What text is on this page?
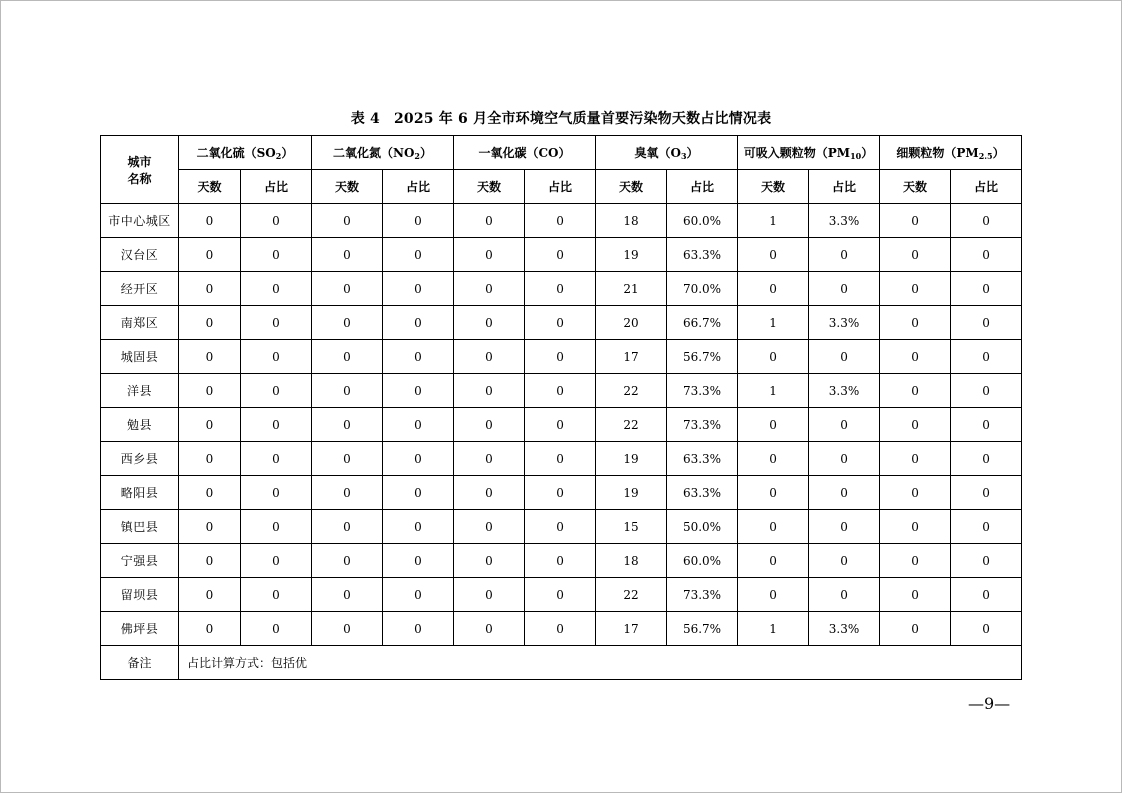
表 4 2025 年 6 月全市环境空气质量首要污染物天数占比情况表
城市
名称	二氧化硫$(SO_2)$		二氧化氮$(NO_2)$		一氧化碳（CO）		臭氧$(O_3)$		可吸入颗粒物$(PM_{10})$		细颗粒物$(PM_{2.5})$	
	天数	占比	天数	占比	天数	占比	天数	占比	天数	占比	天数	占比
市中心城区	0	0	0	0	0	0	18	60.0%	1	3.3%	0	0
汉台区	0	0	0	0	0	0	19	63.3%	0	0	0	0
经开区	0	0	0	0	0	0	21	70.0%	0	0	0	0
南郑区	0	0	0	0	0	0	20	66.7%	1	3.3%	0	0
城固县	0	0	0	0	0	0	17	56.7%	0	0	0	0
洋县	0	0	0	0	0	0	22	73.3%	1	3.3%	0	0
勉县	0	0	0	0	0	0	22	73.3%	0	0	0	0
西乡县	0	0	0	0	0	0	19	63.3%	0	0	0	0
略阳县	0	0	0	0	0	0	19	63.3%	0	0	0	0
镇巴县	0	0	0	0	0	0	15	50.0%	0	0	0	0
宁强县	0	0	0	0	0	0	18	60.0%	0	0	0	0
留坝县	0	0	0	0	0	0	22	73.3%	0	0	0	0
佛坪县	0	0	0	0	0	0	17	56.7%	1	3.3%	0	0
备注	占比计算方式：包括优											
—9—
